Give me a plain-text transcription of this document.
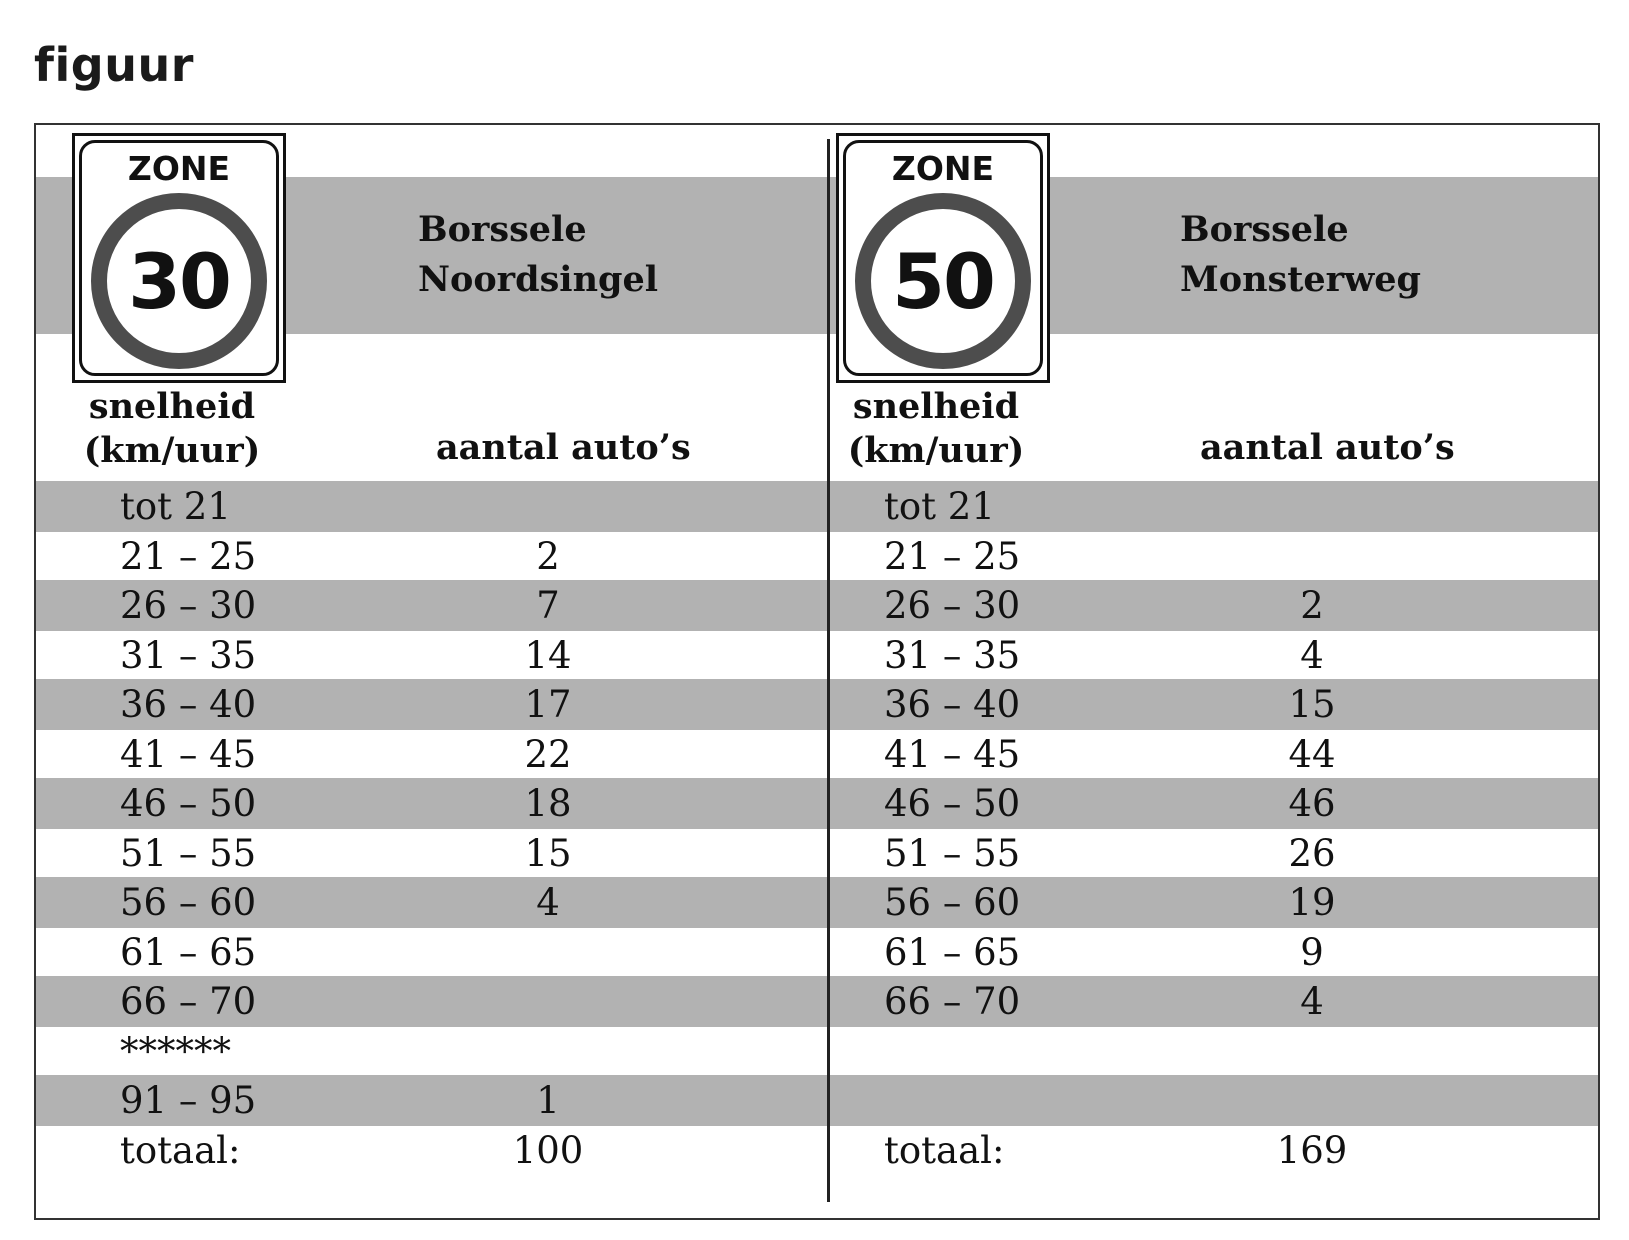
figuur
tot 21
21 – 25	2
26 – 30	7
31 – 35	14
36 – 40	17
41 – 45	22
46 – 50	18
51 – 55	15
56 – 60	4
61 – 65
66 – 70
******
91 – 95	1
totaal:	100
tot 21
21 – 25
26 – 30	2
31 – 35	4
36 – 40	15
41 – 45	44
46 – 50	46
51 – 55	26
56 – 60	19
61 – 65	9
66 – 70	4
totaal:	169
ZONE
30
Borssele
Noordsingel
snelheid
(km/uur)	aantal auto’s
ZONE
50
Borssele
Monsterweg
snelheid
(km/uur)	aantal auto’s
